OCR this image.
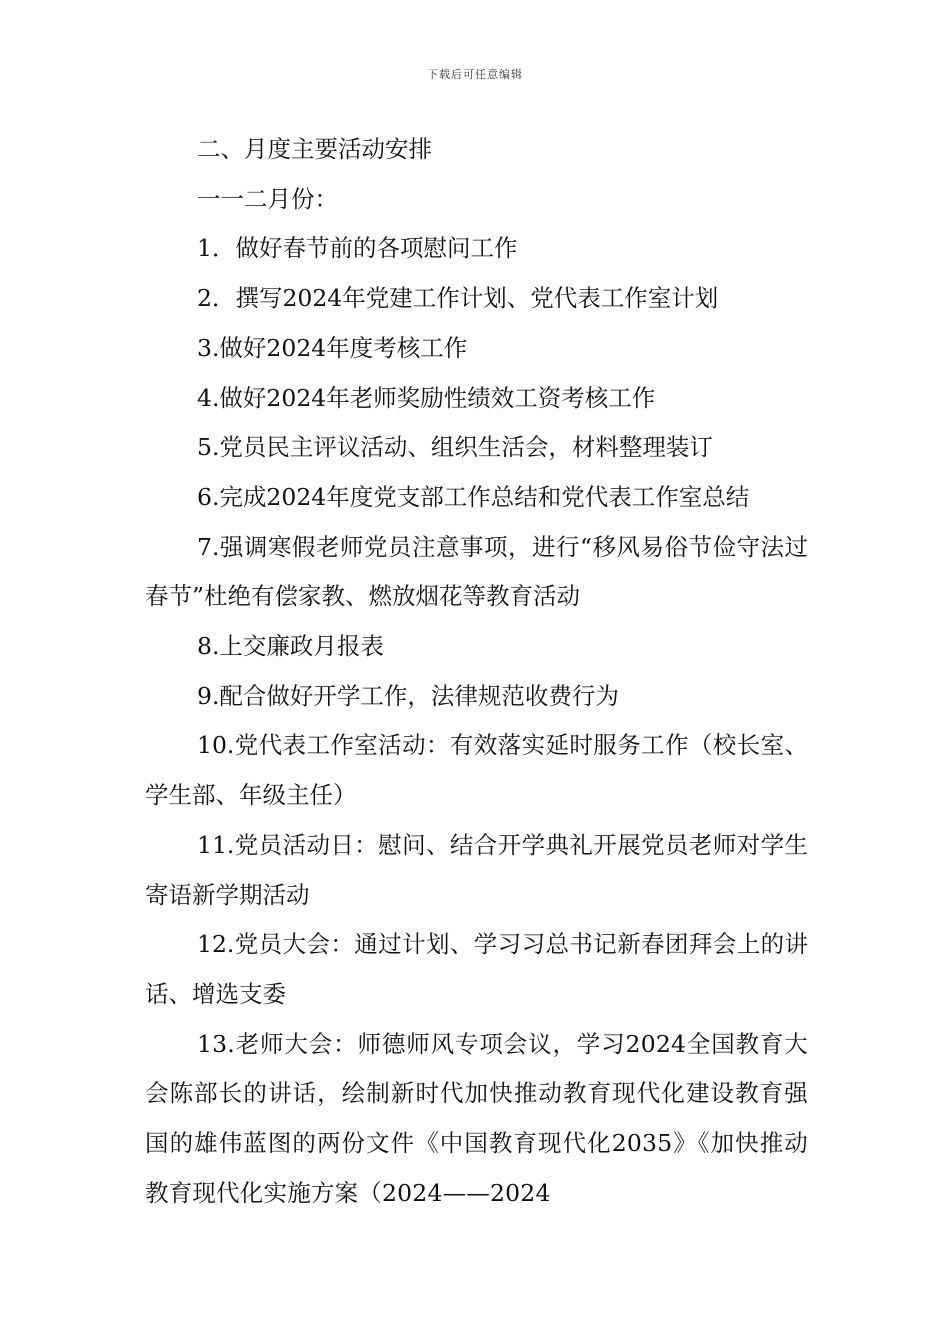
下载后可任意编辑

二、月度主要活动安排

一一二月份：

1．做好春节前的各项慰问工作

2．撰写2024年党建工作计划、党代表工作室计划

3.做好2024年度考核工作

4.做好2024年老师奖励性绩效工资考核工作

5.党员民主评议活动、组织生活会，材料整理装订

6.完成2024年度党支部工作总结和党代表工作室总结

7.强调寒假老师党员注意事项，进行“移风易俗节俭守法过春节”杜绝有偿家教、燃放烟花等教育活动

8.上交廉政月报表

9.配合做好开学工作，法律规范收费行为

10.党代表工作室活动：有效落实延时服务工作（校长室、学生部、年级主任）

11.党员活动日：慰问、结合开学典礼开展党员老师对学生寄语新学期活动

12.党员大会：通过计划、学习习总书记新春团拜会上的讲话、增选支委

13.老师大会：师德师风专项会议，学习2024全国教育大会陈部长的讲话，绘制新时代加快推动教育现代化建设教育强国的雄伟蓝图的两份文件《中国教育现代化2035》《加快推动教育现代化实施方案（2024——2024
